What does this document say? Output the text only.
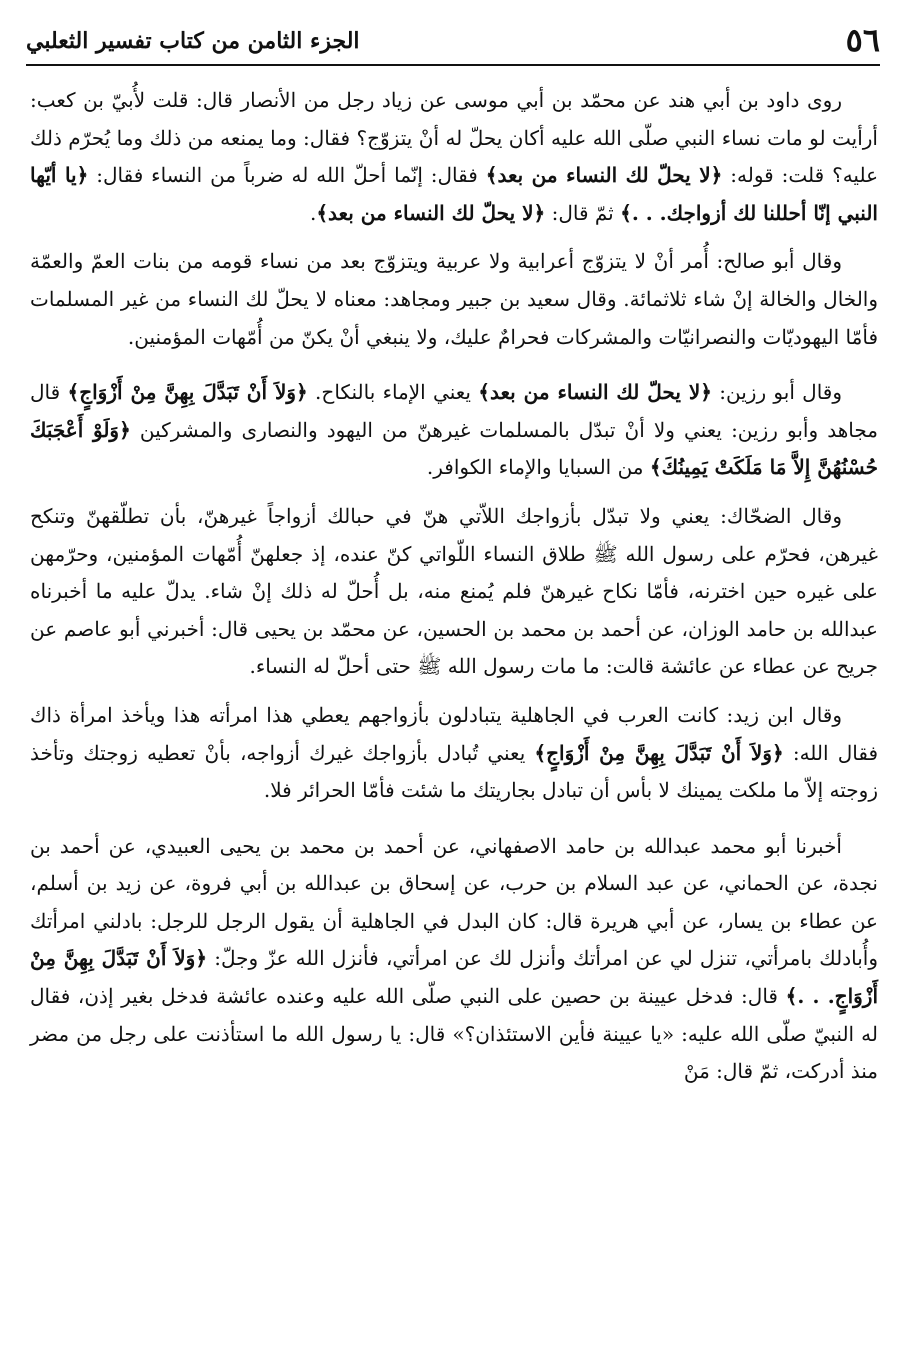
٥٦
الجزء الثامن من كتاب تفسير الثعلبي

روى داود بن أبي هند عن محمّد بن أبي موسى عن زياد رجل من الأنصار قال: قلت لأُبيّ بن كعب: أرأيت لو مات نساء النبي صلّى الله عليه أكان يحلّ له أنْ يتزوّج؟ فقال: وما يمنعه من ذلك وما يُحرّم ذلك عليه؟ قلت: قوله: ﴿لا يحلّ لك النساء من بعد﴾ فقال: إنّما أحلّ الله له ضرباً من النساء فقال: ﴿يا أيّها النبي إنّا أحللنا لك أزواجك. . .﴾ ثمّ قال: ﴿لا يحلّ لك النساء من بعد﴾.

وقال أبو صالح: أُمر أنْ لا يتزوّج أعرابية ولا عربية ويتزوّج بعد من نساء قومه من بنات العمّ والعمّة والخال والخالة إنْ شاء ثلاثمائة. وقال سعيد بن جبير ومجاهد: معناه لا يحلّ لك النساء من غير المسلمات فأمّا اليهوديّات والنصرانيّات والمشركات فحرامٌ عليك، ولا ينبغي أنْ يكنّ من أُمّهات المؤمنين.

وقال أبو رزين: ﴿لا يحلّ لك النساء من بعد﴾ يعني الإماء بالنكاح. ﴿وَلاَ أَنْ تَبَدَّلَ بِهِنَّ مِنْ أَزْوَاجٍ﴾ قال مجاهد وأبو رزين: يعني ولا أنْ تبدّل بالمسلمات غيرهنّ من اليهود والنصارى والمشركين ﴿وَلَوْ أَعْجَبَكَ حُسْنُهُنَّ إِلاَّ مَا مَلَكَتْ يَمِينُكَ﴾ من السبايا والإماء الكوافر.

وقال الضحّاك: يعني ولا تبدّل بأزواجك اللاّتي هنّ في حبالك أزواجاً غيرهنّ، بأن تطلّقهنّ وتنكح غيرهن، فحرّم على رسول الله ﷺ طلاق النساء اللّواتي كنّ عنده، إذ جعلهنّ أُمّهات المؤمنين، وحرّمهن على غيره حين اخترنه، فأمّا نكاح غيرهنّ فلم يُمنع منه، بل أُحلّ له ذلك إنْ شاء. يدلّ عليه ما أخبرناه عبدالله بن حامد الوزان، عن أحمد بن محمد بن الحسين، عن محمّد بن يحيى قال: أخبرني أبو عاصم عن جريح عن عطاء عن عائشة قالت: ما مات رسول الله ﷺ حتى أحلّ له النساء.

وقال ابن زيد: كانت العرب في الجاهلية يتبادلون بأزواجهم يعطي هذا امرأته هذا ويأخذ امرأة ذاك فقال الله: ﴿وَلاَ أَنْ تَبَدَّلَ بِهِنَّ مِنْ أَزْوَاجٍ﴾ يعني تُبادل بأزواجك غيرك أزواجه، بأنْ تعطيه زوجتك وتأخذ زوجته إلاّ ما ملكت يمينك لا بأس أن تبادل بجاريتك ما شئت فأمّا الحرائر فلا.

أخبرنا أبو محمد عبدالله بن حامد الاصفهاني، عن أحمد بن محمد بن يحيى العبيدي، عن أحمد بن نجدة، عن الحماني، عن عبد السلام بن حرب، عن إسحاق بن عبدالله بن أبي فروة، عن زيد بن أسلم، عن عطاء بن يسار، عن أبي هريرة قال: كان البدل في الجاهلية أن يقول الرجل للرجل: بادلني امرأتك وأُبادلك بامرأتي، تنزل لي عن امرأتك وأنزل لك عن امرأتي، فأنزل الله عزّ وجلّ: ﴿وَلاَ أَنْ تَبَدَّلَ بِهِنَّ مِنْ أَزْوَاجٍ. . .﴾ قال: فدخل عيينة بن حصين على النبي صلّى الله عليه وعنده عائشة فدخل بغير إذن، فقال له النبيّ صلّى الله عليه: «يا عيينة فأين الاستئذان؟» قال: يا رسول الله ما استأذنت على رجل من مضر منذ أدركت، ثمّ قال: مَنْ
